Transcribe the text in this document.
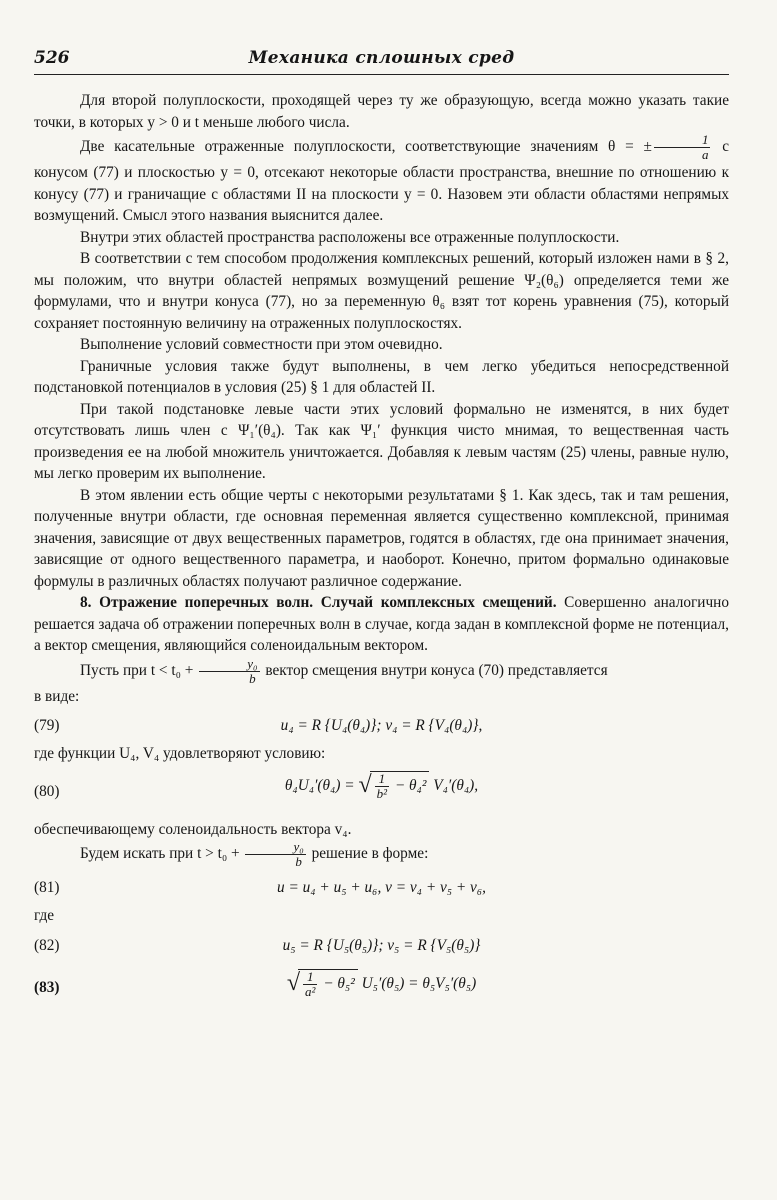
526	Механика сплошных сред

Для второй полуплоскости, проходящей через ту же образующую, всегда можно указать такие точки, в которых y > 0 и t меньше любого числа.

Две касательные отраженные полуплоскости, соответствующие значениям θ = ± $\frac{1}{a}$ с конусом (77) и плоскостью y = 0, отсекают некоторые области пространства, внешние по отношению к конусу (77) и граничащие с областями II на плоскости y = 0. Назовем эти области областями непрямых возмущений. Смысл этого названия выяснится далее.

Внутри этих областей пространства расположены все отраженные полуплоскости.

В соответствии с тем способом продолжения комплексных решений, который изложен нами в § 2, мы положим, что внутри областей непрямых возмущений решение Ψ₂(θ₆) определяется теми же формулами, что и внутри конуса (77), но за переменную θ₆ взят тот корень уравнения (75), который сохраняет постоянную величину на отраженных полуплоскостях.

Выполнение условий совместности при этом очевидно.

Граничные условия также будут выполнены, в чем легко убедиться непосредственной подстановкой потенциалов в условия (25) § 1 для областей II.

При такой подстановке левые части этих условий формально не изменятся, в них будет отсутствовать лишь член с Ψ₁′(θ₄). Так как Ψ₁′ функция чисто мнимая, то вещественная часть произведения ее на любой множитель уничтожается. Добавляя к левым частям (25) члены, равные нулю, мы легко проверим их выполнение.

В этом явлении есть общие черты с некоторыми результатами § 1. Как здесь, так и там решения, полученные внутри области, где основная переменная является существенно комплексной, принимая значения, зависящие от двух вещественных параметров, годятся в областях, где она принимает значения, зависящие от одного вещественного параметра, и наоборот. Конечно, притом формально одинаковые формулы в различных областях получают различное содержание.

8. Отражение поперечных волн. Случай комплексных смещений. Совершенно аналогично решается задача об отражении поперечных волн в случае, когда задан в комплексной форме не потенциал, а вектор смещения, являющийся соленоидальным вектором.

Пусть при $t < t_0 + \frac{\text{y₀}}{b}$ вектор смещения внутри конуса (70) представляется

в виде:

(79)	u₄ = R {U₄(θ₄)}; v₄ = R {V₄(θ₄)},

где функции U₄, V₄ удовлетворяют условию:

(80)	θ₄U₄′(θ₄) = √ $\frac{1}{\text{b²}} - \theta_4^2$ V₄′(θ₄),

обеспечивающему соленоидальность вектора v₄.

Будем искать при $t > t_0 + \frac{\text{y₀}}{b}$ решение в форме:

(81)	u = u₄ + u₅ + u₆, v = v₄ + v₅ + v₆,

где

(82)	u₅ = R {U₅(θ₅)}; v₅ = R {V₅(θ₅)}
(83)	√ $\frac{1}{\text{a²}} - \theta_5^2$ U₅′(θ₅) = θ₅V₅′(θ₅)
